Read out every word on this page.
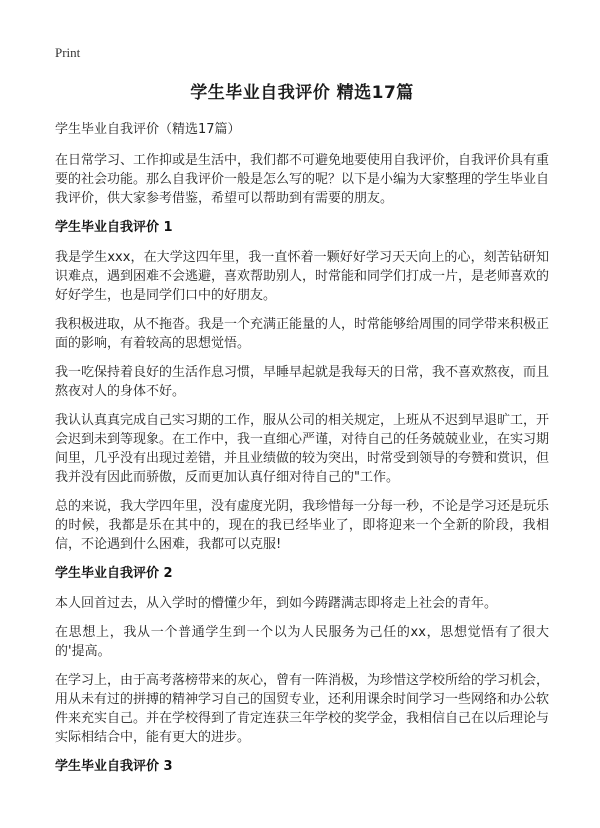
Print
学生毕业自我评价 精选17篇
学生毕业自我评价（精选17篇）
在日常学习、工作抑或是生活中，我们都不可避免地要使用自我评价，自我评价具有重要的社会功能。那么自我评价一般是怎么写的呢？以下是小编为大家整理的学生毕业自我评价，供大家参考借鉴，希望可以帮助到有需要的朋友。
学生毕业自我评价 1
我是学生xxx，在大学这四年里，我一直怀着一颗好好学习天天向上的心，刻苦钻研知识难点，遇到困难不会逃避，喜欢帮助别人，时常能和同学们打成一片，是老师喜欢的好好学生，也是同学们口中的好朋友。
我积极进取，从不拖沓。我是一个充满正能量的人，时常能够给周围的同学带来积极正面的影响，有着较高的思想觉悟。
我一吃保持着良好的生活作息习惯，早睡早起就是我每天的日常，我不喜欢熬夜，而且熬夜对人的身体不好。
我认认真真完成自己实习期的工作，服从公司的相关规定，上班从不迟到早退旷工，开会迟到未到等现象。在工作中，我一直细心严谨，对待自己的任务兢兢业业，在实习期间里，几乎没有出现过差错，并且业绩做的较为突出，时常受到领导的夸赞和赏识，但我并没有因此而骄傲，反而更加认真仔细对待自己的"工作。
总的来说，我大学四年里，没有虚度光阴，我珍惜每一分每一秒，不论是学习还是玩乐的时候，我都是乐在其中的，现在的我已经毕业了，即将迎来一个全新的阶段，我相信，不论遇到什么困难，我都可以克服!
学生毕业自我评价 2
本人回首过去，从入学时的懵懂少年，到如今踌躇满志即将走上社会的青年。
在思想上，我从一个普通学生到一个以为人民服务为己任的xx，思想觉悟有了很大的'提高。
在学习上，由于高考落榜带来的灰心，曾有一阵消极，为珍惜这学校所给的学习机会，用从未有过的拼搏的精神学习自己的国贸专业，还利用课余时间学习一些网络和办公软件来充实自己。并在学校得到了肯定连获三年学校的奖学金，我相信自己在以后理论与实际相结合中，能有更大的进步。
学生毕业自我评价 3
